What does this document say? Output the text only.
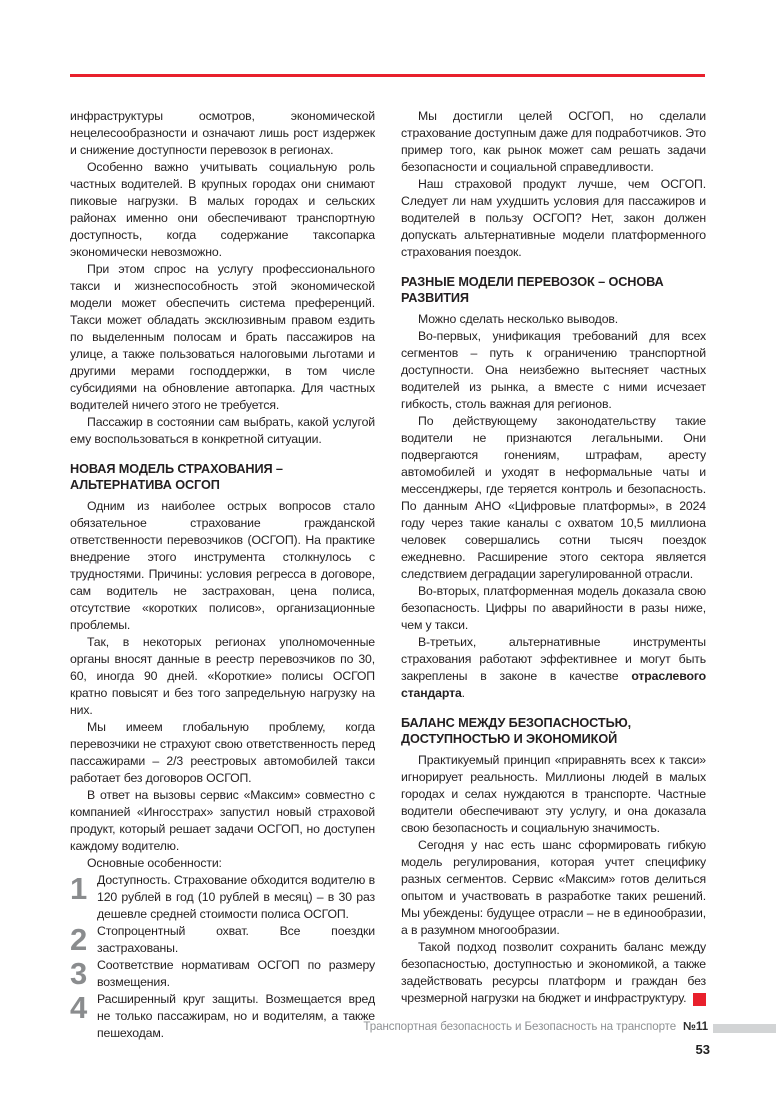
инфраструктуры осмотров, экономической нецелесообразности и означают лишь рост издержек и снижение доступности перевозок в регионах.

Особенно важно учитывать социальную роль частных водителей. В крупных городах они снимают пиковые нагрузки. В малых городах и сельских районах именно они обеспечивают транспортную доступность, когда содержание таксопарка экономически невозможно.

При этом спрос на услугу профессионального такси и жизнеспособность этой экономической модели может обеспечить система преференций. Такси может обладать эксклюзивным правом ездить по выделенным полосам и брать пассажиров на улице, а также пользоваться налоговыми льготами и другими мерами господдержки, в том числе субсидиями на обновление автопарка. Для частных водителей ничего этого не требуется.

Пассажир в состоянии сам выбрать, какой услугой ему воспользоваться в конкретной ситуации.

НОВАЯ МОДЕЛЬ СТРАХОВАНИЯ – АЛЬТЕРНАТИВА ОСГОП

Одним из наиболее острых вопросов стало обязательное страхование гражданской ответственности перевозчиков (ОСГОП). На практике внедрение этого инструмента столкнулось с трудностями. Причины: условия регресса в договоре, сам водитель не застрахован, цена полиса, отсутствие «коротких полисов», организационные проблемы.

Так, в некоторых регионах уполномоченные органы вносят данные в реестр перевозчиков по 30, 60, иногда 90 дней. «Короткие» полисы ОСГОП кратно повысят и без того запредельную нагрузку на них.

Мы имеем глобальную проблему, когда перевозчики не страхуют свою ответственность перед пассажирами – 2/3 реестровых автомобилей такси работает без договоров ОСГОП.

В ответ на вызовы сервис «Максим» совместно с компанией «Ингосстрах» запустил новый страховой продукт, который решает задачи ОСГОП, но доступен каждому водителю.

Основные особенности:

1 Доступность. Страхование обходится водителю в 120 рублей в год (10 рублей в месяц) – в 30 раз дешевле средней стоимости полиса ОСГОП.
2 Стопроцентный охват. Все поездки застрахованы.
3 Соответствие нормативам ОСГОП по размеру возмещения.
4 Расширенный круг защиты. Возмещается вред не только пассажирам, но и водителям, а также пешеходам.

Мы достигли целей ОСГОП, но сделали страхование доступным даже для подработчиков. Это пример того, как рынок может сам решать задачи безопасности и социальной справедливости.

Наш страховой продукт лучше, чем ОСГОП. Следует ли нам ухудшить условия для пассажиров и водителей в пользу ОСГОП? Нет, закон должен допускать альтернативные модели платформенного страхования поездок.

РАЗНЫЕ МОДЕЛИ ПЕРЕВОЗОК – ОСНОВА РАЗВИТИЯ

Можно сделать несколько выводов.

Во-первых, унификация требований для всех сегментов – путь к ограничению транспортной доступности. Она неизбежно вытесняет частных водителей из рынка, а вместе с ними исчезает гибкость, столь важная для регионов.

По действующему законодательству такие водители не признаются легальными. Они подвергаются гонениям, штрафам, аресту автомобилей и уходят в неформальные чаты и мессенджеры, где теряется контроль и безопасность. По данным АНО «Цифровые платформы», в 2024 году через такие каналы с охватом 10,5 миллиона человек совершались сотни тысяч поездок ежедневно. Расширение этого сектора является следствием деградации зарегулированной отрасли.

Во-вторых, платформенная модель доказала свою безопасность. Цифры по аварийности в разы ниже, чем у такси.

В-третьих, альтернативные инструменты страхования работают эффективнее и могут быть закреплены в законе в качестве отраслевого стандарта.

БАЛАНС МЕЖДУ БЕЗОПАСНОСТЬЮ, ДОСТУПНОСТЬЮ И ЭКОНОМИКОЙ

Практикуемый принцип «приравнять всех к такси» игнорирует реальность. Миллионы людей в малых городах и селах нуждаются в транспорте. Частные водители обеспечивают эту услугу, и она доказала свою безопасность и социальную значимость.

Сегодня у нас есть шанс сформировать гибкую модель регулирования, которая учтет специфику разных сегментов. Сервис «Максим» готов делиться опытом и участвовать в разработке таких решений. Мы убеждены: будущее отрасли – не в единообразии, а в разумном многообразии.

Такой подход позволит сохранить баланс между безопасностью, доступностью и экономикой, а также задействовать ресурсы платформ и граждан без чрезмерной нагрузки на бюджет и инфраструктуру.

Транспортная безопасность и Безопасность на транспорте №11
53
